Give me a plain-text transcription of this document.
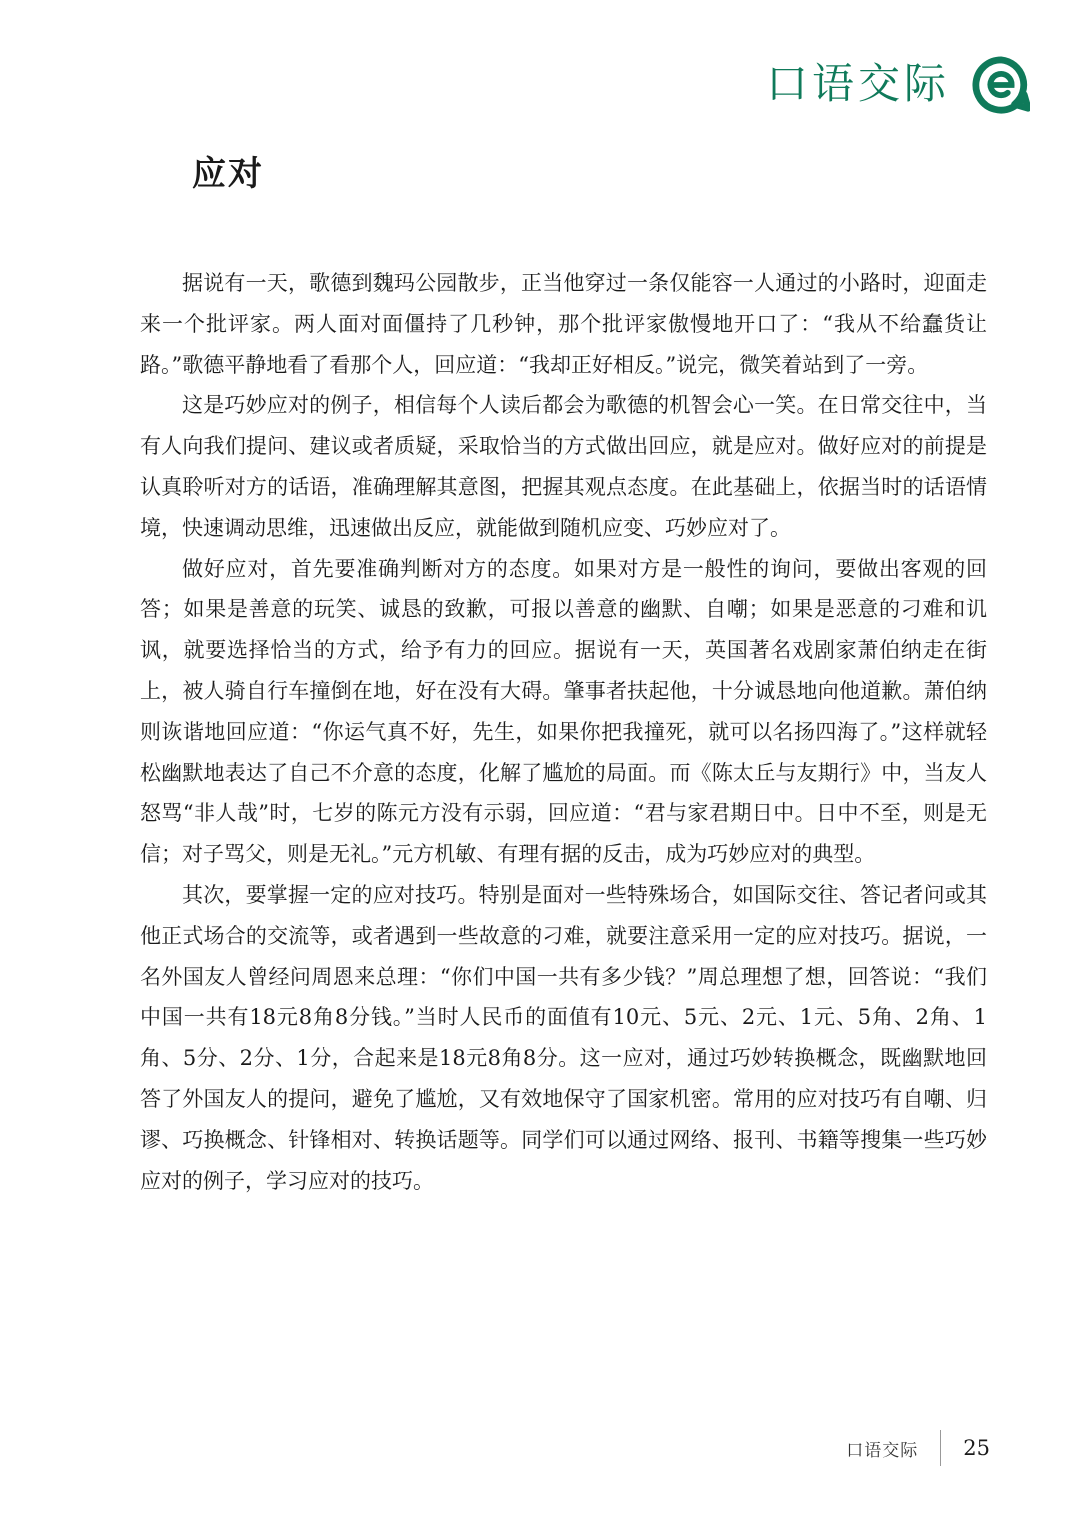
口语交际
应对

据说有一天，歌德到魏玛公园散步，正当他穿过一条仅能容一人通过的小路时，迎面走来一个批评家。两人面对面僵持了几秒钟，那个批评家傲慢地开口了：“我从不给蠢货让路。”歌德平静地看了看那个人，回应道：“我却正好相反。”说完，微笑着站到了一旁。

这是巧妙应对的例子，相信每个人读后都会为歌德的机智会心一笑。在日常交往中，当有人向我们提问、建议或者质疑，采取恰当的方式做出回应，就是应对。做好应对的前提是认真聆听对方的话语，准确理解其意图，把握其观点态度。在此基础上，依据当时的话语情境，快速调动思维，迅速做出反应，就能做到随机应变、巧妙应对了。

做好应对，首先要准确判断对方的态度。如果对方是一般性的询问，要做出客观的回答；如果是善意的玩笑、诚恳的致歉，可报以善意的幽默、自嘲；如果是恶意的刁难和讥讽，就要选择恰当的方式，给予有力的回应。据说有一天，英国著名戏剧家萧伯纳走在街上，被人骑自行车撞倒在地，好在没有大碍。肇事者扶起他，十分诚恳地向他道歉。萧伯纳则诙谐地回应道：“你运气真不好，先生，如果你把我撞死，就可以名扬四海了。”这样就轻松幽默地表达了自己不介意的态度，化解了尴尬的局面。而《陈太丘与友期行》中，当友人怒骂“非人哉”时，七岁的陈元方没有示弱，回应道：“君与家君期日中。日中不至，则是无信；对子骂父，则是无礼。”元方机敏、有理有据的反击，成为巧妙应对的典型。

其次，要掌握一定的应对技巧。特别是面对一些特殊场合，如国际交往、答记者问或其他正式场合的交流等，或者遇到一些故意的刁难，就要注意采用一定的应对技巧。据说，一名外国友人曾经问周恩来总理：“你们中国一共有多少钱？”周总理想了想，回答说：“我们中国一共有18元8角8分钱。”当时人民币的面值有10元、5元、2元、1元、5角、2角、1角、5分、2分、1分，合起来是18元8角8分。这一应对，通过巧妙转换概念，既幽默地回答了外国友人的提问，避免了尴尬，又有效地保守了国家机密。常用的应对技巧有自嘲、归谬、巧换概念、针锋相对、转换话题等。同学们可以通过网络、报刊、书籍等搜集一些巧妙应对的例子，学习应对的技巧。

口语交际 25
